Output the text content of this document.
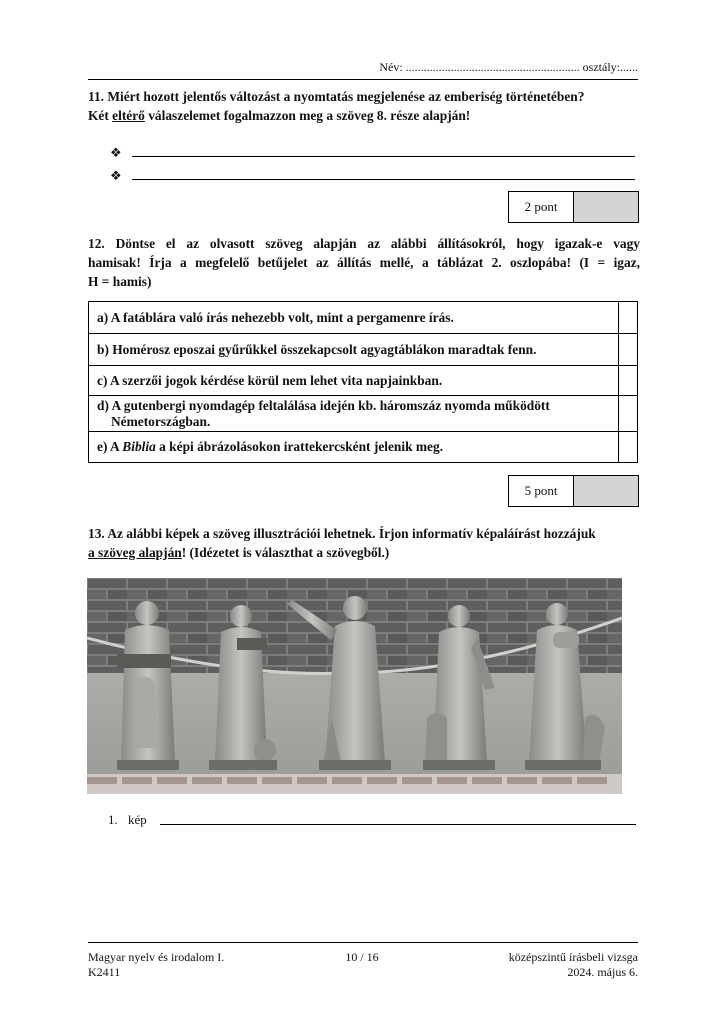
Név: .......................................................... osztály:......
11. Miért hozott jelentős változást a nyomtatás megjelenése az emberiség történetében?
Két eltérő válaszelemet fogalmazzon meg a szöveg 8. része alapján!
❖
❖
2 pont	
12. Döntse el az olvasott szöveg alapján az alábbi állításokról, hogy igazak-e vagy
hamisak! Írja a megfelelő betűjelet az állítás mellé, a táblázat 2. oszlopába! (I = igaz,
H = hamis)
a) A fatáblára való írás nehezebb volt, mint a pergamenre írás.	
b) Homérosz eposzai gyűrűkkel összekapcsolt agyagtáblákon maradtak fenn.	
c) A szerzői jogok kérdése körül nem lehet vita napjainkban.	

d) A gutenbergi nyomdagép feltalálása idején kb. háromszáz nyomda működött
Németországban.	

e) A Biblia a képi ábrázolásokon irattekercsként jelenik meg.	
5 pont	
13. Az alábbi képek a szöveg illusztrációi lehetnek. Írjon informatív képaláírást hozzájuk
a szöveg alapján! (Idézetet is választhat a szövegből.)
1. kép
Magyar nyelv és irodalom I.
K2411
10 / 16	középszintű írásbeli vizsga
2024. május 6.
